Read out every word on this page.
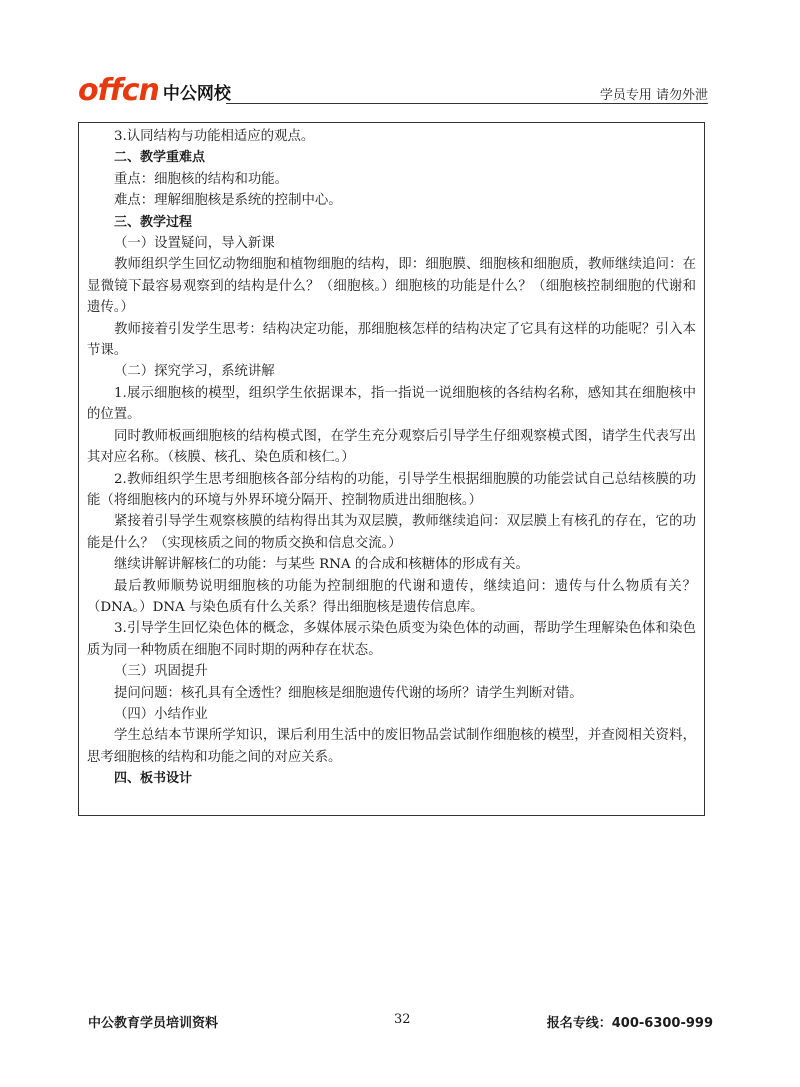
offcn 中公网校	学员专用 请勿外泄

3.认同结构与功能相适应的观点。

二、教学重难点

重点：细胞核的结构和功能。

难点：理解细胞核是系统的控制中心。

三、教学过程

（一）设置疑问，导入新课

教师组织学生回忆动物细胞和植物细胞的结构，即：细胞膜、细胞核和细胞质，教师继续追问：在显微镜下最容易观察到的结构是什么？（细胞核。）细胞核的功能是什么？（细胞核控制细胞的代谢和遗传。）

教师接着引发学生思考：结构决定功能，那细胞核怎样的结构决定了它具有这样的功能呢？引入本节课。

（二）探究学习，系统讲解

1.展示细胞核的模型，组织学生依据课本，指一指说一说细胞核的各结构名称，感知其在细胞核中的位置。

同时教师板画细胞核的结构模式图，在学生充分观察后引导学生仔细观察模式图，请学生代表写出其对应名称。（核膜、核孔、染色质和核仁。）

2.教师组织学生思考细胞核各部分结构的功能，引导学生根据细胞膜的功能尝试自己总结核膜的功能（将细胞核内的环境与外界环境分隔开、控制物质进出细胞核。）

紧接着引导学生观察核膜的结构得出其为双层膜，教师继续追问：双层膜上有核孔的存在，它的功能是什么？（实现核质之间的物质交换和信息交流。）

继续讲解讲解核仁的功能：与某些 RNA 的合成和核糖体的形成有关。

最后教师顺势说明细胞核的功能为控制细胞的代谢和遗传，继续追问：遗传与什么物质有关？（DNA。）DNA 与染色质有什么关系？得出细胞核是遗传信息库。

3.引导学生回忆染色体的概念，多媒体展示染色质变为染色体的动画，帮助学生理解染色体和染色质为同一种物质在细胞不同时期的两种存在状态。

（三）巩固提升

提问问题：核孔具有全透性？细胞核是细胞遗传代谢的场所？请学生判断对错。

（四）小结作业

学生总结本节课所学知识，课后利用生活中的废旧物品尝试制作细胞核的模型，并查阅相关资料，思考细胞核的结构和功能之间的对应关系。

四、板书设计

中公教育学员培训资料	32	报名专线：400-6300-999
